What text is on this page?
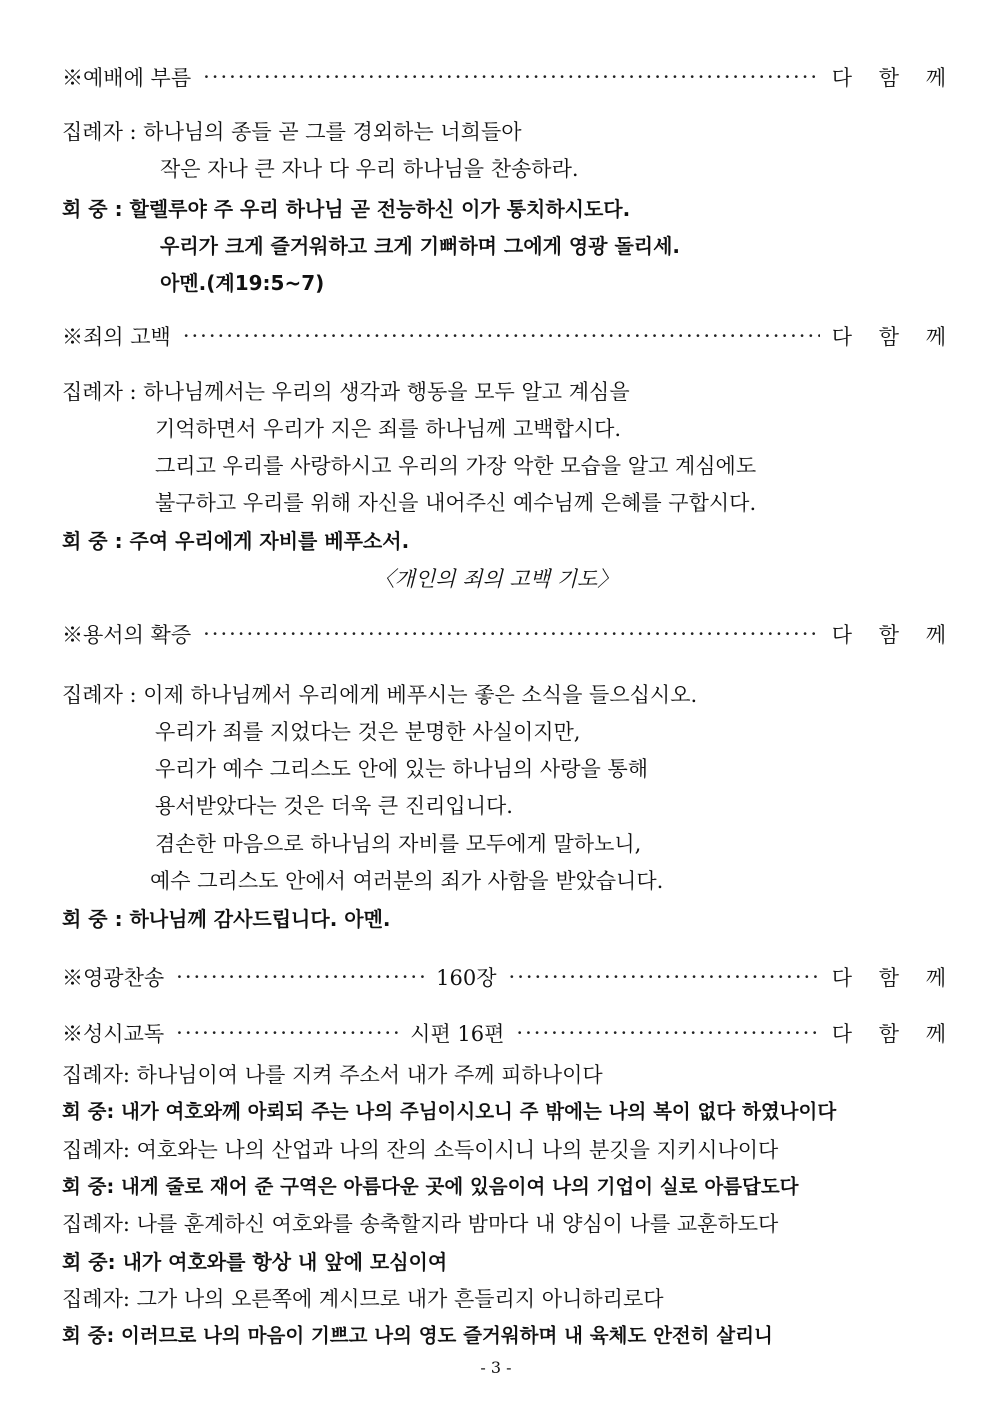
※예배에 부름 ·····	다 함 께
집례자 : 하나님의 종들 곧 그를 경외하는 너희들아
작은 자나 큰 자나 다 우리 하나님을 찬송하라.
회 중 : 할렐루야 주 우리 하나님 곧 전능하신 이가 통치하시도다.
우리가 크게 즐거워하고 크게 기뻐하며 그에게 영광 돌리세.
아멘.(계19:5~7)
※죄의 고백 ·····	다 함 께
집례자 : 하나님께서는 우리의 생각과 행동을 모두 알고 계심을
기억하면서 우리가 지은 죄를 하나님께 고백합시다.
그리고 우리를 사랑하시고 우리의 가장 악한 모습을 알고 계심에도
불구하고 우리를 위해 자신을 내어주신 예수님께 은혜를 구합시다.
회 중 : 주여 우리에게 자비를 베푸소서.
〈개인의 죄의 고백 기도〉
※용서의 확증 ·····	다 함 께
집례자 : 이제 하나님께서 우리에게 베푸시는 좋은 소식을 들으십시오.
우리가 죄를 지었다는 것은 분명한 사실이지만,
우리가 예수 그리스도 안에 있는 하나님의 사랑을 통해
용서받았다는 것은 더욱 큰 진리입니다.
겸손한 마음으로 하나님의 자비를 모두에게 말하노니,
예수 그리스도 안에서 여러분의 죄가 사함을 받았습니다.
회 중 : 하나님께 감사드립니다. 아멘.
※영광찬송 ·····	160장 ·····	다 함 께
※성시교독 ·····	시편 16편 ·····	다 함 께
집례자: 하나님이여 나를 지켜 주소서 내가 주께 피하나이다
회 중: 내가 여호와께 아뢰되 주는 나의 주님이시오니 주 밖에는 나의 복이 없다 하였나이다
집례자: 여호와는 나의 산업과 나의 잔의 소득이시니 나의 분깃을 지키시나이다
회 중: 내게 줄로 재어 준 구역은 아름다운 곳에 있음이여 나의 기업이 실로 아름답도다
집례자: 나를 훈계하신 여호와를 송축할지라 밤마다 내 양심이 나를 교훈하도다
회 중: 내가 여호와를 항상 내 앞에 모심이여
집례자: 그가 나의 오른쪽에 계시므로 내가 흔들리지 아니하리로다
회 중: 이러므로 나의 마음이 기쁘고 나의 영도 즐거워하며 내 육체도 안전히 살리니
- 3 -
